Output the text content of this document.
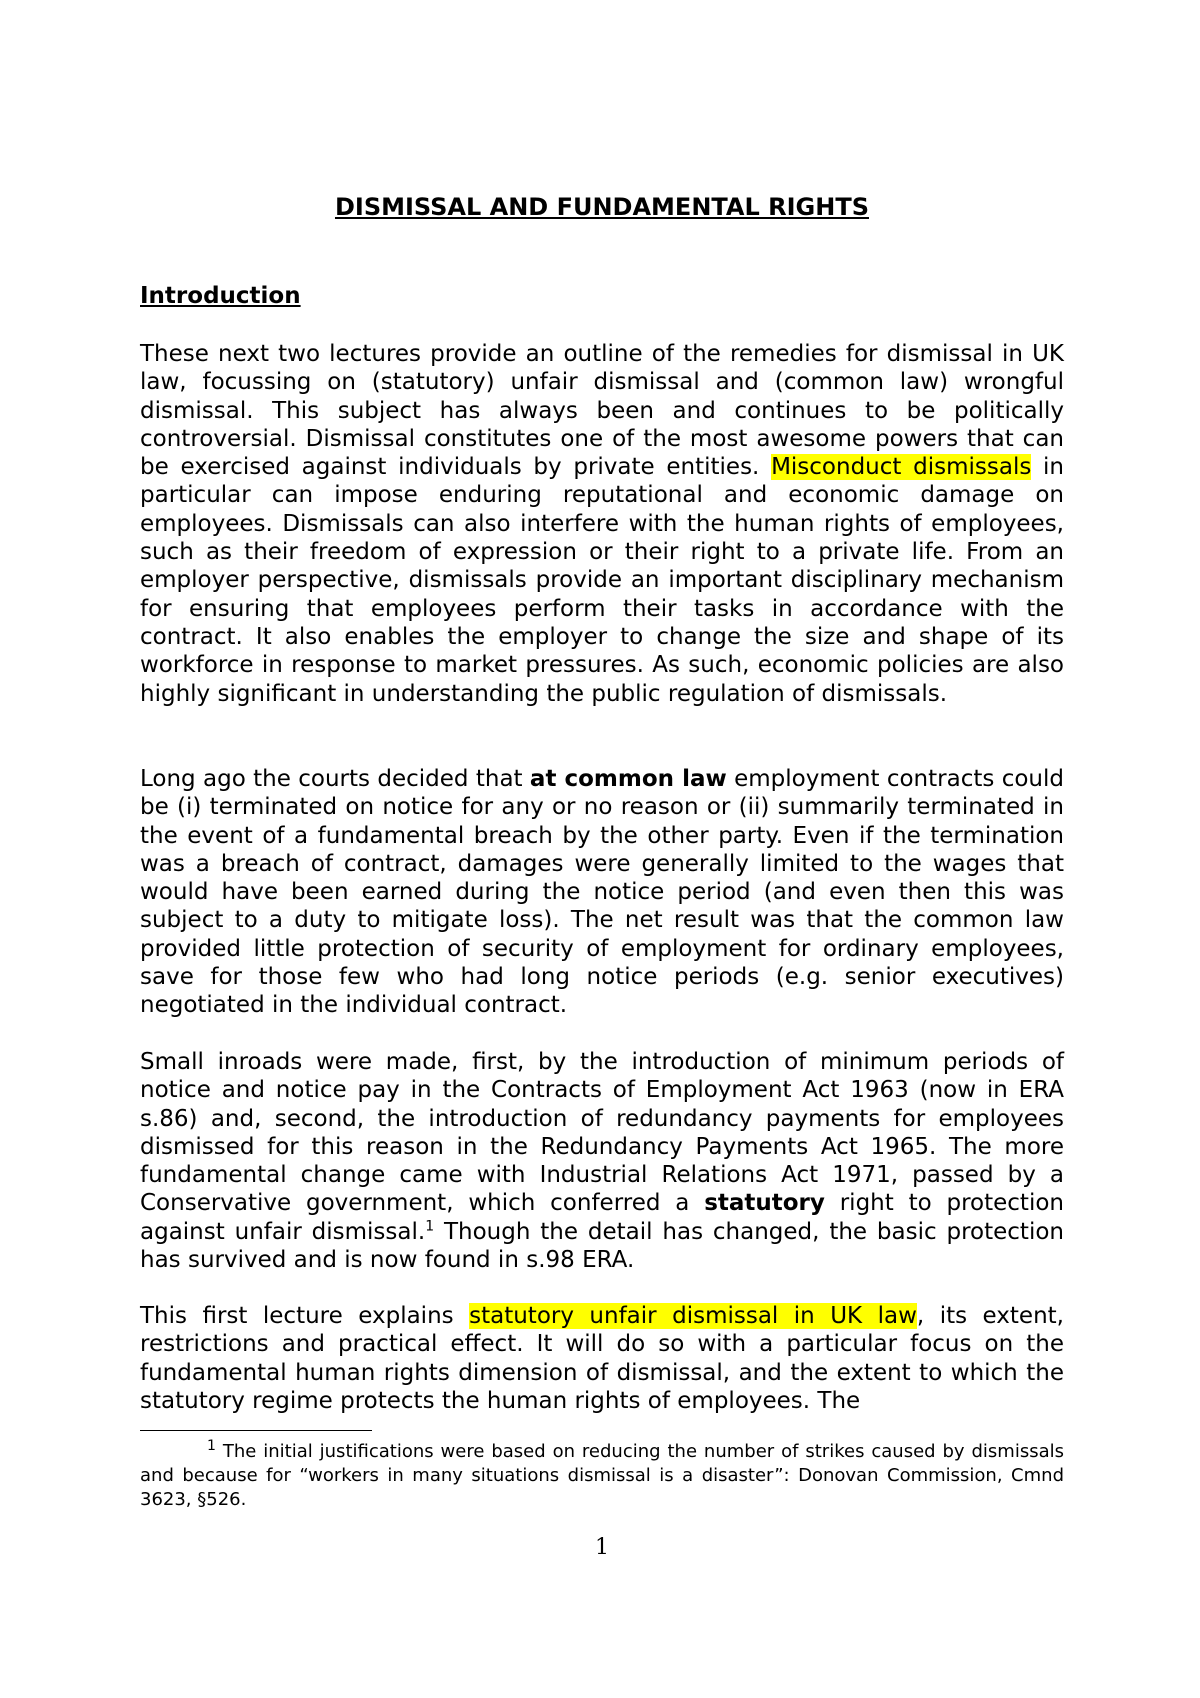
DISMISSAL AND FUNDAMENTAL RIGHTS
Introduction

These next two lectures provide an outline of the remedies for dismissal in UK law, focussing on (statutory) unfair dismissal and (common law) wrongful dismissal. This subject has always been and continues to be politically controversial. Dismissal constitutes one of the most awesome powers that can be exercised against individuals by private entities. Misconduct dismissals in particular can impose enduring reputational and economic damage on employees. Dismissals can also interfere with the human rights of employees, such as their freedom of expression or their right to a private life. From an employer perspective, dismissals provide an important disciplinary mechanism for ensuring that employees perform their tasks in accordance with the contract. It also enables the employer to change the size and shape of its workforce in response to market pressures. As such, economic policies are also highly significant in understanding the public regulation of dismissals.

Long ago the courts decided that at common law employment contracts could be (i) terminated on notice for any or no reason or (ii) summarily terminated in the event of a fundamental breach by the other party. Even if the termination was a breach of contract, damages were generally limited to the wages that would have been earned during the notice period (and even then this was subject to a duty to mitigate loss). The net result was that the common law provided little protection of security of employment for ordinary employees, save for those few who had long notice periods (e.g. senior executives) negotiated in the individual contract.

Small inroads were made, first, by the introduction of minimum periods of notice and notice pay in the Contracts of Employment Act 1963 (now in ERA s.86) and, second, the introduction of redundancy payments for employees dismissed for this reason in the Redundancy Payments Act 1965. The more fundamental change came with Industrial Relations Act 1971, passed by a Conservative government, which conferred a statutory right to protection against unfair dismissal.$^1$ Though the detail has changed, the basic protection has survived and is now found in s.98 ERA.

This first lecture explains statutory unfair dismissal in UK law, its extent, restrictions and practical effect. It will do so with a particular focus on the fundamental human rights dimension of dismissal, and the extent to which the statutory regime protects the human rights of employees. The

$^1$ The initial justifications were based on reducing the number of strikes caused by dismissals and because for “workers in many situations dismissal is a disaster”: Donovan Commission, Cmnd 3623, §526.

1
